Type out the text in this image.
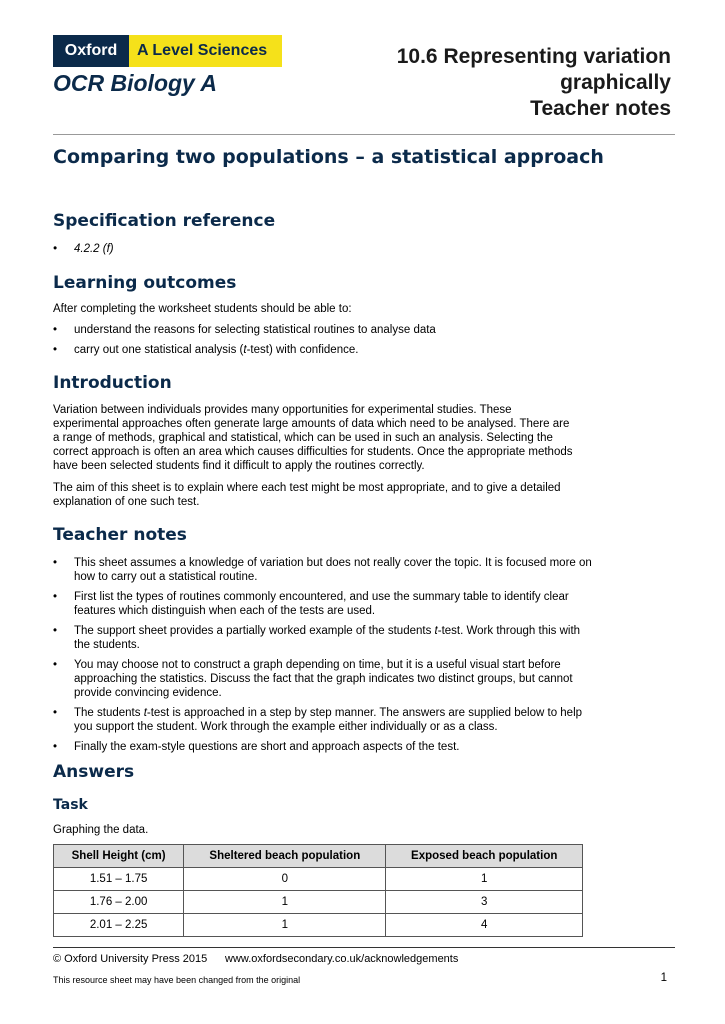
Oxford	A Level Sciences
OCR Biology A
10.6 Representing variation
graphically
Teacher notes
Comparing two populations – a statistical approach
Specification reference
• 4.2.2 (f)
Learning outcomes
After completing the worksheet students should be able to:
• understand the reasons for selecting statistical routines to analyse data
• carry out one statistical analysis (t-test) with confidence.
Introduction

Variation between individuals provides many opportunities for experimental studies. These experimental approaches often generate large amounts of data which need to be analysed. There are a range of methods, graphical and statistical, which can be used in such an analysis. Selecting the correct approach is often an area which causes difficulties for students. Once the appropriate methods have been selected students find it difficult to apply the routines correctly.

The aim of this sheet is to explain where each test might be most appropriate, and to give a detailed explanation of one such test.

Teacher notes
• This sheet assumes a knowledge of variation but does not really cover the topic. It is focused more on how to carry out a statistical routine.
• First list the types of routines commonly encountered, and use the summary table to identify clear features which distinguish when each of the tests are used.
• The support sheet provides a partially worked example of the students t-test. Work through this with the students.
• You may choose not to construct a graph depending on time, but it is a useful visual start before approaching the statistics. Discuss the fact that the graph indicates two distinct groups, but cannot provide convincing evidence.
• The students t-test is approached in a step by step manner. The answers are supplied below to help you support the student. Work through the example either individually or as a class.
• Finally the exam-style questions are short and approach aspects of the test.
Answers
Task
Graphing the data.
Shell Height (cm)	Sheltered beach population	Exposed beach population
1.51 – 1.75	0	1
1.76 – 2.00	1	3
2.01 – 2.25	1	4
© Oxford University Press 2015 www.oxfordsecondary.co.uk/acknowledgements
This resource sheet may have been changed from the original	1
